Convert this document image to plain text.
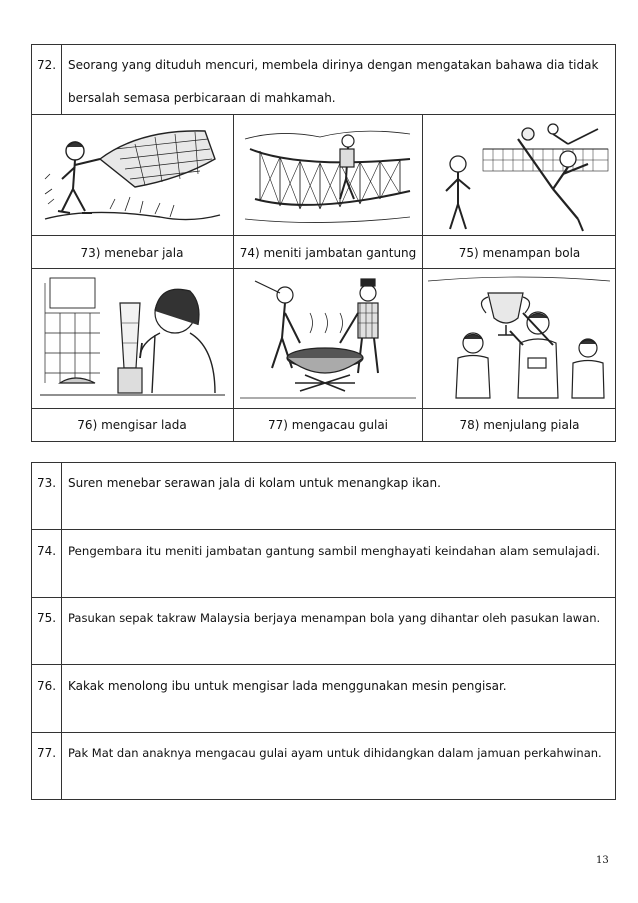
72. Seorang yang dituduh mencuri, membela dirinya dengan mengatakan bahawa dia tidak
bersalah semasa perbicaraan di mahkamah.
73) menebar jala	74) meniti jambatan gantung	75) menampan bola
76) mengisar lada	77) mengacau gulai	78) menjulang piala
73. Suren menebar serawan jala di kolam untuk menangkap ikan.
74. Pengembara itu meniti jambatan gantung sambil menghayati keindahan alam semulajadi.
75. Pasukan sepak takraw Malaysia berjaya menampan bola yang dihantar oleh pasukan lawan.
76. Kakak menolong ibu untuk mengisar lada menggunakan mesin pengisar.
77. Pak Mat dan anaknya mengacau gulai ayam untuk dihidangkan dalam jamuan perkahwinan.
13
